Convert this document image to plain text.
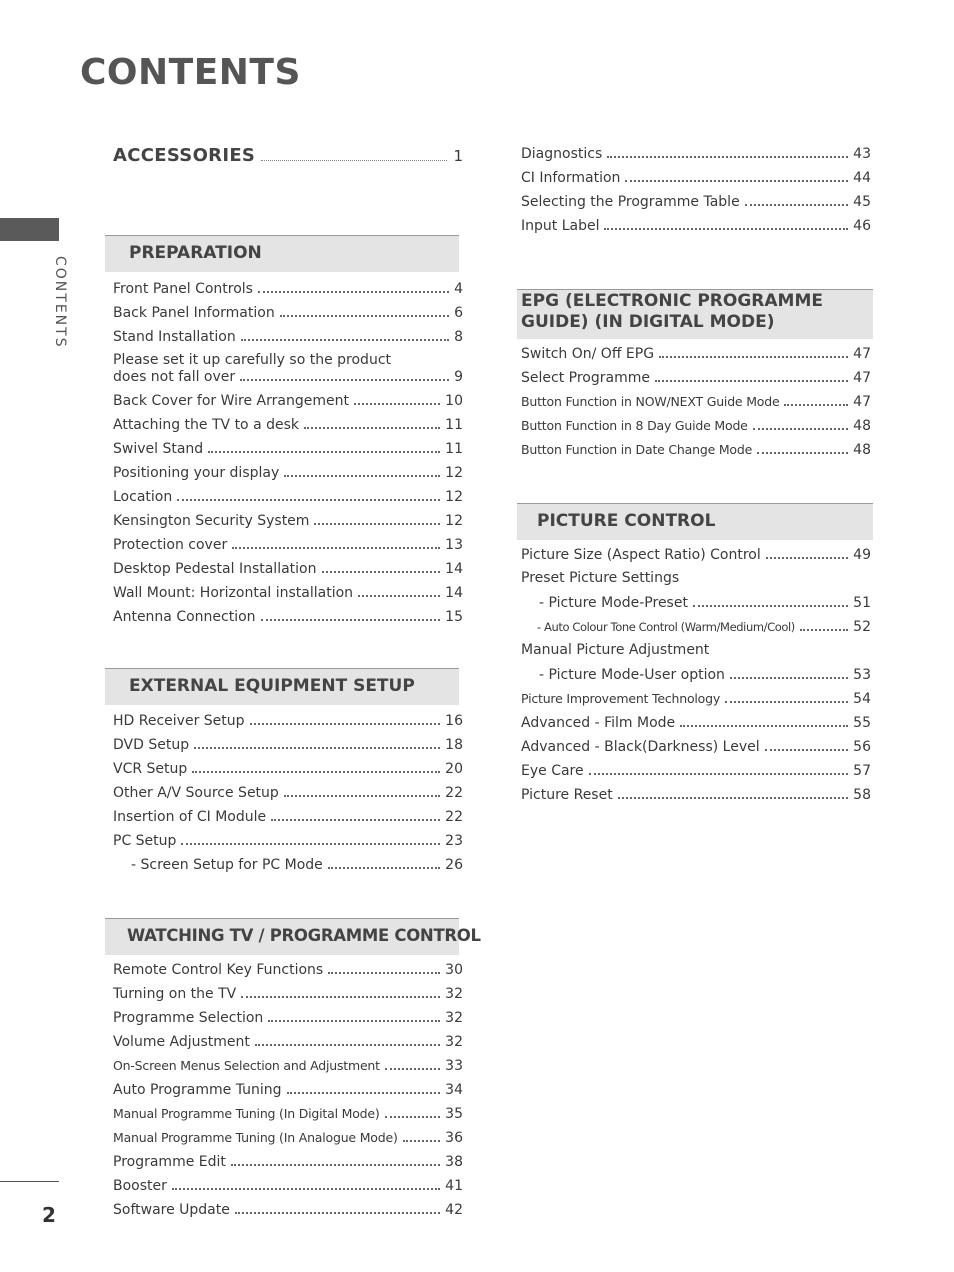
CONTENTS
CONTENTS
2
ACCESSORIES	1
PREPARATION
Front Panel Controls	4
Back Panel Information	6
Stand Installation	8
Please set it up carefully so the product
does not fall over	9
Back Cover for Wire Arrangement	10
Attaching the TV to a desk	11
Swivel Stand	11
Positioning your display	12
Location	12
Kensington Security System	12
Protection cover	13
Desktop Pedestal Installation	14
Wall Mount: Horizontal installation	14
Antenna Connection	15
EXTERNAL EQUIPMENT SETUP
HD Receiver Setup	16
DVD Setup	18
VCR Setup	20
Other A/V Source Setup	22
Insertion of CI Module	22
PC Setup	23
- Screen Setup for PC Mode	26
WATCHING TV / PROGRAMME CONTROL
Remote Control Key Functions	30
Turning on the TV	32
Programme Selection	32
Volume Adjustment	32
On-Screen Menus Selection and Adjustment	33
Auto Programme Tuning	34
Manual Programme Tuning (In Digital Mode)	35
Manual Programme Tuning (In Analogue Mode)	36
Programme Edit	38
Booster	41
Software Update	42
Diagnostics	43
CI Information	44
Selecting the Programme Table	45
Input Label	46
EPG (ELECTRONIC PROGRAMME
GUIDE) (IN DIGITAL MODE)
Switch On/ Off EPG	47
Select Programme	47
Button Function in NOW/NEXT Guide Mode	47
Button Function in 8 Day Guide Mode	48
Button Function in Date Change Mode	48
PICTURE CONTROL
Picture Size (Aspect Ratio) Control	49
Preset Picture Settings
- Picture Mode-Preset	51
- Auto Colour Tone Control (Warm/Medium/Cool)	52
Manual Picture Adjustment
- Picture Mode-User option	53
Picture Improvement Technology	54
Advanced - Film Mode	55
Advanced - Black(Darkness) Level	56
Eye Care	57
Picture Reset	58
